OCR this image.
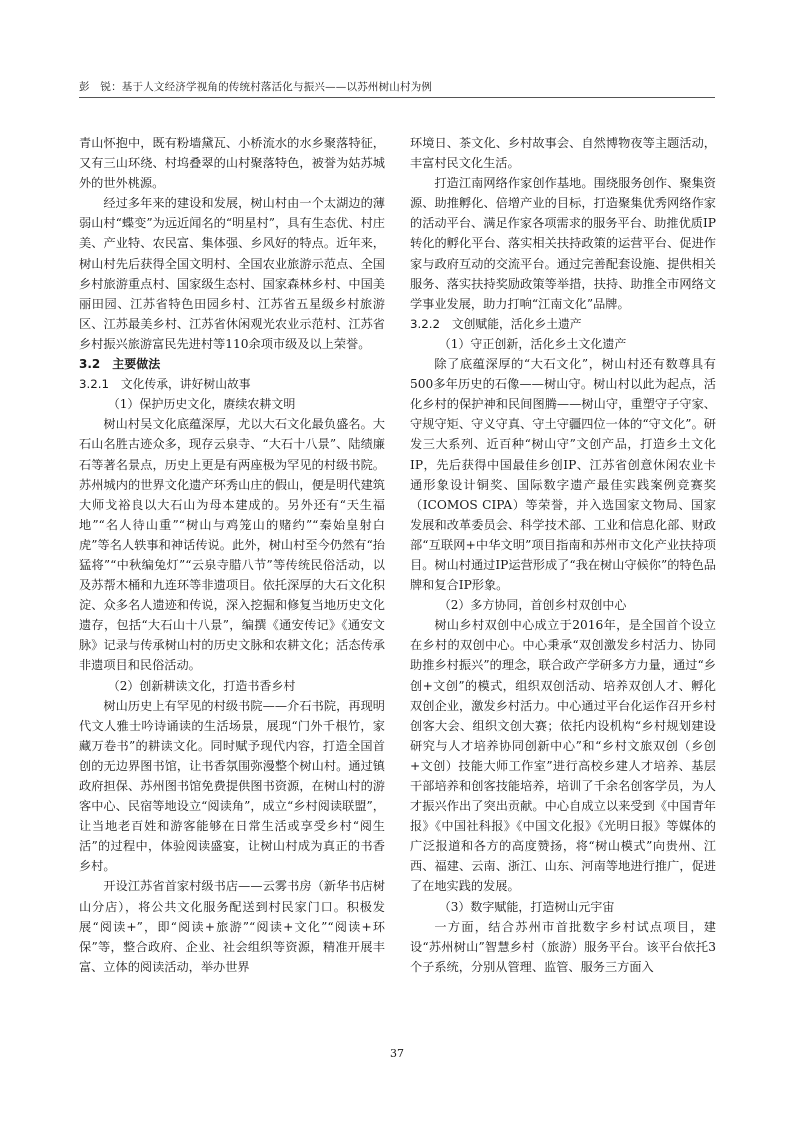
彭　锐：基于人文经济学视角的传统村落活化与振兴——以苏州树山村为例

青山怀抱中，既有粉墙黛瓦、小桥流水的水乡聚落特征，又有三山环绕、村坞叠翠的山村聚落特色，被誉为姑苏城外的世外桃源。

经过多年来的建设和发展，树山村由一个太湖边的薄弱山村“蝶变”为远近闻名的“明星村”，具有生态优、村庄美、产业特、农民富、集体强、乡风好的特点。近年来，树山村先后获得全国文明村、全国农业旅游示范点、全国乡村旅游重点村、国家级生态村、国家森林乡村、中国美丽田园、江苏省特色田园乡村、江苏省五星级乡村旅游区、江苏最美乡村、江苏省休闲观光农业示范村、江苏省乡村振兴旅游富民先进村等110余项市级及以上荣誉。

3.2　主要做法

3.2.1　文化传承，讲好树山故事

（1）保护历史文化，赓续农耕文明

树山村吴文化底蕴深厚，尤以大石文化最负盛名。大石山名胜古迹众多，现存云泉寺、“大石十八景”、陆绩廉石等著名景点，历史上更是有两座极为罕见的村级书院。苏州城内的世界文化遗产环秀山庄的假山，便是明代建筑大师戈裕良以大石山为母本建成的。另外还有“天生福地”“名人待山重”“树山与鸡笼山的赌约”“秦始皇射白虎”等名人轶事和神话传说。此外，树山村至今仍然有“抬猛将”“中秋编兔灯”“云泉寺腊八节”等传统民俗活动，以及苏帮木桶和九连环等非遗项目。依托深厚的大石文化积淀、众多名人遗迹和传说，深入挖掘和修复当地历史文化遗存，包括“大石山十八景”，编撰《通安传记》《通安文脉》记录与传承树山村的历史文脉和农耕文化；活态传承非遗项目和民俗活动。

（2）创新耕读文化，打造书香乡村

树山历史上有罕见的村级书院——介石书院，再现明代文人雅士吟诗诵读的生活场景，展现“门外千根竹，家藏万卷书”的耕读文化。同时赋予现代内容，打造全国首创的无边界图书馆，让书香氛围弥漫整个树山村。通过镇政府担保、苏州图书馆免费提供图书资源，在树山村的游客中心、民宿等地设立“阅读角”，成立“乡村阅读联盟”，让当地老百姓和游客能够在日常生活或享受乡村“阅生活”的过程中，体验阅读盛宴，让树山村成为真正的书香乡村。

开设江苏省首家村级书店——云雾书房（新华书店树山分店），将公共文化服务配送到村民家门口。积极发展“阅读+”，即“阅读+旅游”“阅读+文化”“阅读+环保”等，整合政府、企业、社会组织等资源，精准开展丰富、立体的阅读活动，举办世界

环境日、茶文化、乡村故事会、自然博物夜等主题活动，丰富村民文化生活。

打造江南网络作家创作基地。围绕服务创作、聚集资源、助推孵化、倍增产业的目标，打造聚集优秀网络作家的活动平台、满足作家各项需求的服务平台、助推优质IP转化的孵化平台、落实相关扶持政策的运营平台、促进作家与政府互动的交流平台。通过完善配套设施、提供相关服务、落实扶持奖励政策等举措，扶持、助推全市网络文学事业发展，助力打响“江南文化”品牌。

3.2.2　文创赋能，活化乡土遗产

（1）守正创新，活化乡土文化遗产

除了底蕴深厚的“大石文化”，树山村还有数尊具有500多年历史的石像——树山守。树山村以此为起点，活化乡村的保护神和民间图腾——树山守，重塑守子守家、守规守矩、守义守真、守土守疆四位一体的“守文化”。研发三大系列、近百种“树山守”文创产品，打造乡土文化IP，先后获得中国最佳乡创IP、江苏省创意休闲农业卡通形象设计铜奖、国际数字遗产最佳实践案例竞赛奖（ICOMOS CIPA）等荣誉，并入选国家文物局、国家发展和改革委员会、科学技术部、工业和信息化部、财政部“互联网+中华文明”项目指南和苏州市文化产业扶持项目。树山村通过IP运营形成了“我在树山守候你”的特色品牌和复合IP形象。

（2）多方协同，首创乡村双创中心

树山乡村双创中心成立于2016年，是全国首个设立在乡村的双创中心。中心秉承“双创激发乡村活力、协同助推乡村振兴”的理念，联合政产学研多方力量，通过“乡创+文创”的模式，组织双创活动、培养双创人才、孵化双创企业，激发乡村活力。中心通过平台化运作召开乡村创客大会、组织文创大赛；依托内设机构“乡村规划建设研究与人才培养协同创新中心”和“乡村文旅双创（乡创+文创）技能大师工作室”进行高校乡建人才培养、基层干部培养和创客技能培养，培训了千余名创客学员，为人才振兴作出了突出贡献。中心自成立以来受到《中国青年报》《中国社科报》《中国文化报》《光明日报》等媒体的广泛报道和各方的高度赞扬，将“树山模式”向贵州、江西、福建、云南、浙江、山东、河南等地进行推广，促进了在地实践的发展。

（3）数字赋能，打造树山元宇宙

一方面，结合苏州市首批数字乡村试点项目，建设“苏州树山”智慧乡村（旅游）服务平台。该平台依托3个子系统，分别从管理、监管、服务三方面入

37
